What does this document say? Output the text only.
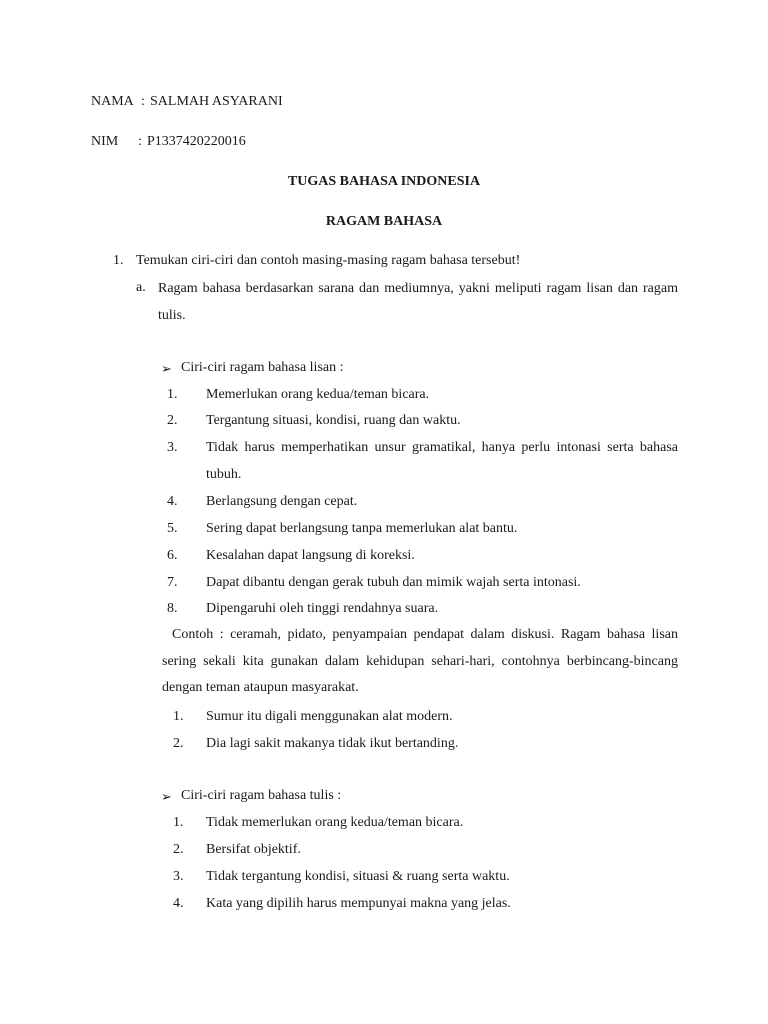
NAMA : SALMAH ASYARANI
NIM : P1337420220016
TUGAS BAHASA INDONESIA
RAGAM BAHASA
1. Temukan ciri-ciri dan contoh masing-masing ragam bahasa tersebut!
a. Ragam bahasa berdasarkan sarana dan mediumnya, yakni meliputi ragam lisan dan ragam tulis.
➢ Ciri-ciri ragam bahasa lisan :
1. Memerlukan orang kedua/teman bicara.
2. Tergantung situasi, kondisi, ruang dan waktu.
3. Tidak harus memperhatikan unsur gramatikal, hanya perlu intonasi serta bahasa tubuh.
4. Berlangsung dengan cepat.
5. Sering dapat berlangsung tanpa memerlukan alat bantu.
6. Kesalahan dapat langsung di koreksi.
7. Dapat dibantu dengan gerak tubuh dan mimik wajah serta intonasi.
8. Dipengaruhi oleh tinggi rendahnya suara.
Contoh : ceramah, pidato, penyampaian pendapat dalam diskusi. Ragam bahasa lisan sering sekali kita gunakan dalam kehidupan sehari-hari, contohnya berbincang-bincang dengan teman ataupun masyarakat.
1. Sumur itu digali menggunakan alat modern.
2. Dia lagi sakit makanya tidak ikut bertanding.
➢ Ciri-ciri ragam bahasa tulis :
1. Tidak memerlukan orang kedua/teman bicara.
2. Bersifat objektif.
3. Tidak tergantung kondisi, situasi & ruang serta waktu.
4. Kata yang dipilih harus mempunyai makna yang jelas.
